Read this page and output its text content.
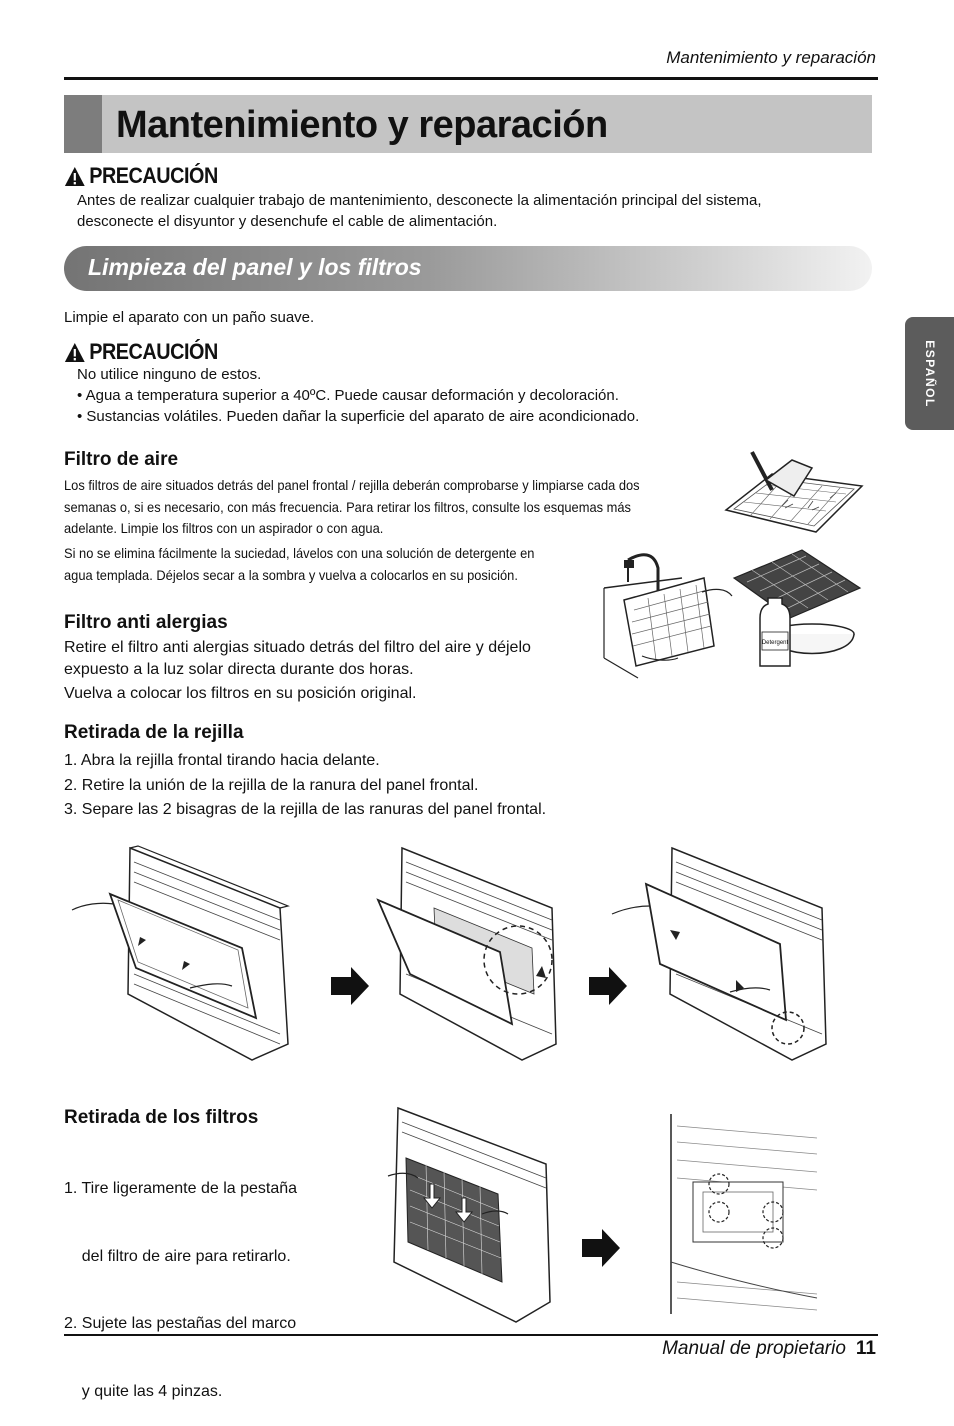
Mantenimiento y reparación
Mantenimiento y reparación
PRECAUCIÓN
Antes de realizar cualquier trabajo de mantenimiento, desconecte la alimentación principal del sistema,
desconecte el disyuntor y desenchufe el cable de alimentación.
Limpieza del panel y los filtros
Limpie el aparato con un paño suave.
PRECAUCIÓN
No utilice ninguno de estos.
• Agua a temperatura superior a 40ºC. Puede causar deformación y decoloración.
• Sustancias volátiles. Pueden dañar la superficie del aparato de aire acondicionado.
Filtro de aire
Los filtros de aire situados detrás del panel frontal / rejilla deberán comprobarse y limpiarse cada dos
semanas o, si es necesario, con más frecuencia. Para retirar los filtros, consulte los esquemas más
adelante. Limpie los filtros con un aspirador o con agua.
Si no se elimina fácilmente la suciedad, lávelos con una solución de detergente en
agua templada. Déjelos secar a la sombra y vuelva a colocarlos en su posición.
Filtro anti alergias
Retire el filtro anti alergias situado detrás del filtro del aire y déjelo
expuesto a la luz solar directa durante dos horas.
Vuelva a colocar los filtros en su posición original.
Retirada de la rejilla
1. Abra la rejilla frontal tirando hacia delante.
2. Retire la unión de la rejilla de la ranura del panel frontal.
3. Separe las 2 bisagras de la rejilla de las ranuras del panel frontal.
Retirada de los filtros

1. Tire ligeramente de la pestaña

del filtro de aire para retirarlo.

2. Sujete las pestañas del marco

y quite las 4 pinzas.

ESPAÑOL
Detergent
Manual de propietario 11
